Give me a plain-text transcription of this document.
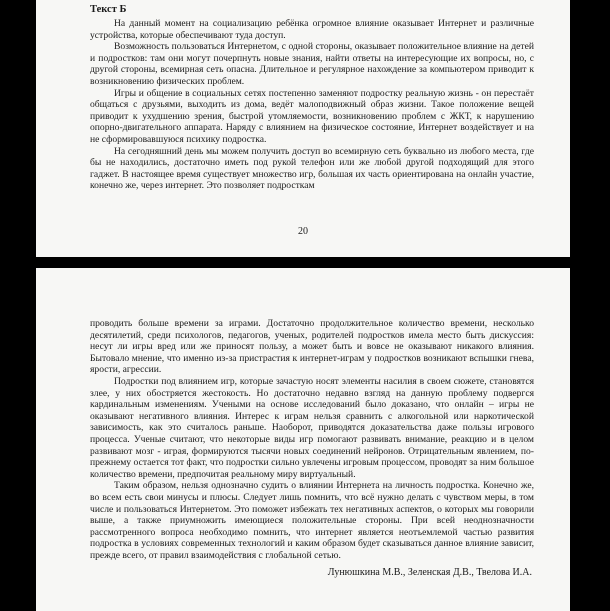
Текст Б

На данный момент на социализацию ребёнка огромное влияние оказывает Интернет и различные устройства, которые обеспечивают туда доступ.

Возможность пользоваться Интернетом, с одной стороны, оказывает положительное влияние на детей и подростков: там они могут почерпнуть новые знания, найти ответы на интересующие их вопросы, но, с другой стороны, всемирная сеть опасна. Длительное и регулярное нахождение за компьютером приводит к возникновению физических проблем.

Игры и общение в социальных сетях постепенно заменяют подростку реальную жизнь - он перестаёт общаться с друзьями, выходить из дома, ведёт малоподвижный образ жизни. Такое положение вещей приводит к ухудшению зрения, быстрой утомляемости, возникновению проблем с ЖКТ, к нарушению опорно-двигательного аппарата. Наряду с влиянием на физическое состояние, Интернет воздействует и на не сформировавшуюся психику подростка.

На сегодняшний день мы можем получить доступ во всемирную сеть буквально из любого места, где бы не находились, достаточно иметь под рукой телефон или же любой другой подходящий для этого гаджет. В настоящее время существует множество игр, большая их часть ориентирована на онлайн участие, конечно же, через интернет. Это позволяет подросткам

20

проводить больше времени за играми. Достаточно продолжительное количество времени, несколько десятилетий, среди психологов, педагогов, ученых, родителей подростков имела место быть дискуссия: несут ли игры вред или же приносят пользу, а может быть и вовсе не оказывают никакого влияния. Бытовало мнение, что именно из-за пристрастия к интернет-играм у подростков возникают вспышки гнева, ярости, агрессии.

Подростки под влиянием игр, которые зачастую носят элементы насилия в своем сюжете, становятся злее, у них обостряется жестокость. Но достаточно недавно взгляд на данную проблему подвергся кардинальным изменениям. Учеными на основе исследований было доказано, что онлайн – игры не оказывают негативного влияния. Интерес к играм нельзя сравнить с алкогольной или наркотической зависимость, как это считалось раньше. Наоборот, приводятся доказательства даже пользы игрового процесса. Ученые считают, что некоторые виды игр помогают развивать внимание, реакцию и в целом развивают мозг - играя, формируются тысячи новых соединений нейронов. Отрицательным явлением, по-прежнему остается тот факт, что подростки сильно увлечены игровым процессом, проводят за ним большое количество времени, предпочитая реальному миру виртуальный.

Таким образом, нельзя однозначно судить о влиянии Интернета на личность подростка. Конечно же, во всем есть свои минусы и плюсы. Следует лишь помнить, что всё нужно делать с чувством меры, в том числе и пользоваться Интернетом. Это поможет избежать тех негативных аспектов, о которых мы говорили выше, а также приумножить имеющиеся положительные стороны. При всей неоднозначности рассмотренного вопроса необходимо помнить, что интернет является неотъемлемой частью развития подростка в условиях современных технологий и каким образом будет сказываться данное влияние зависит, прежде всего, от правил взаимодействия с глобальной сетью.

Лунюшкина М.В., Зеленская Д.В., Твелова И.А.
